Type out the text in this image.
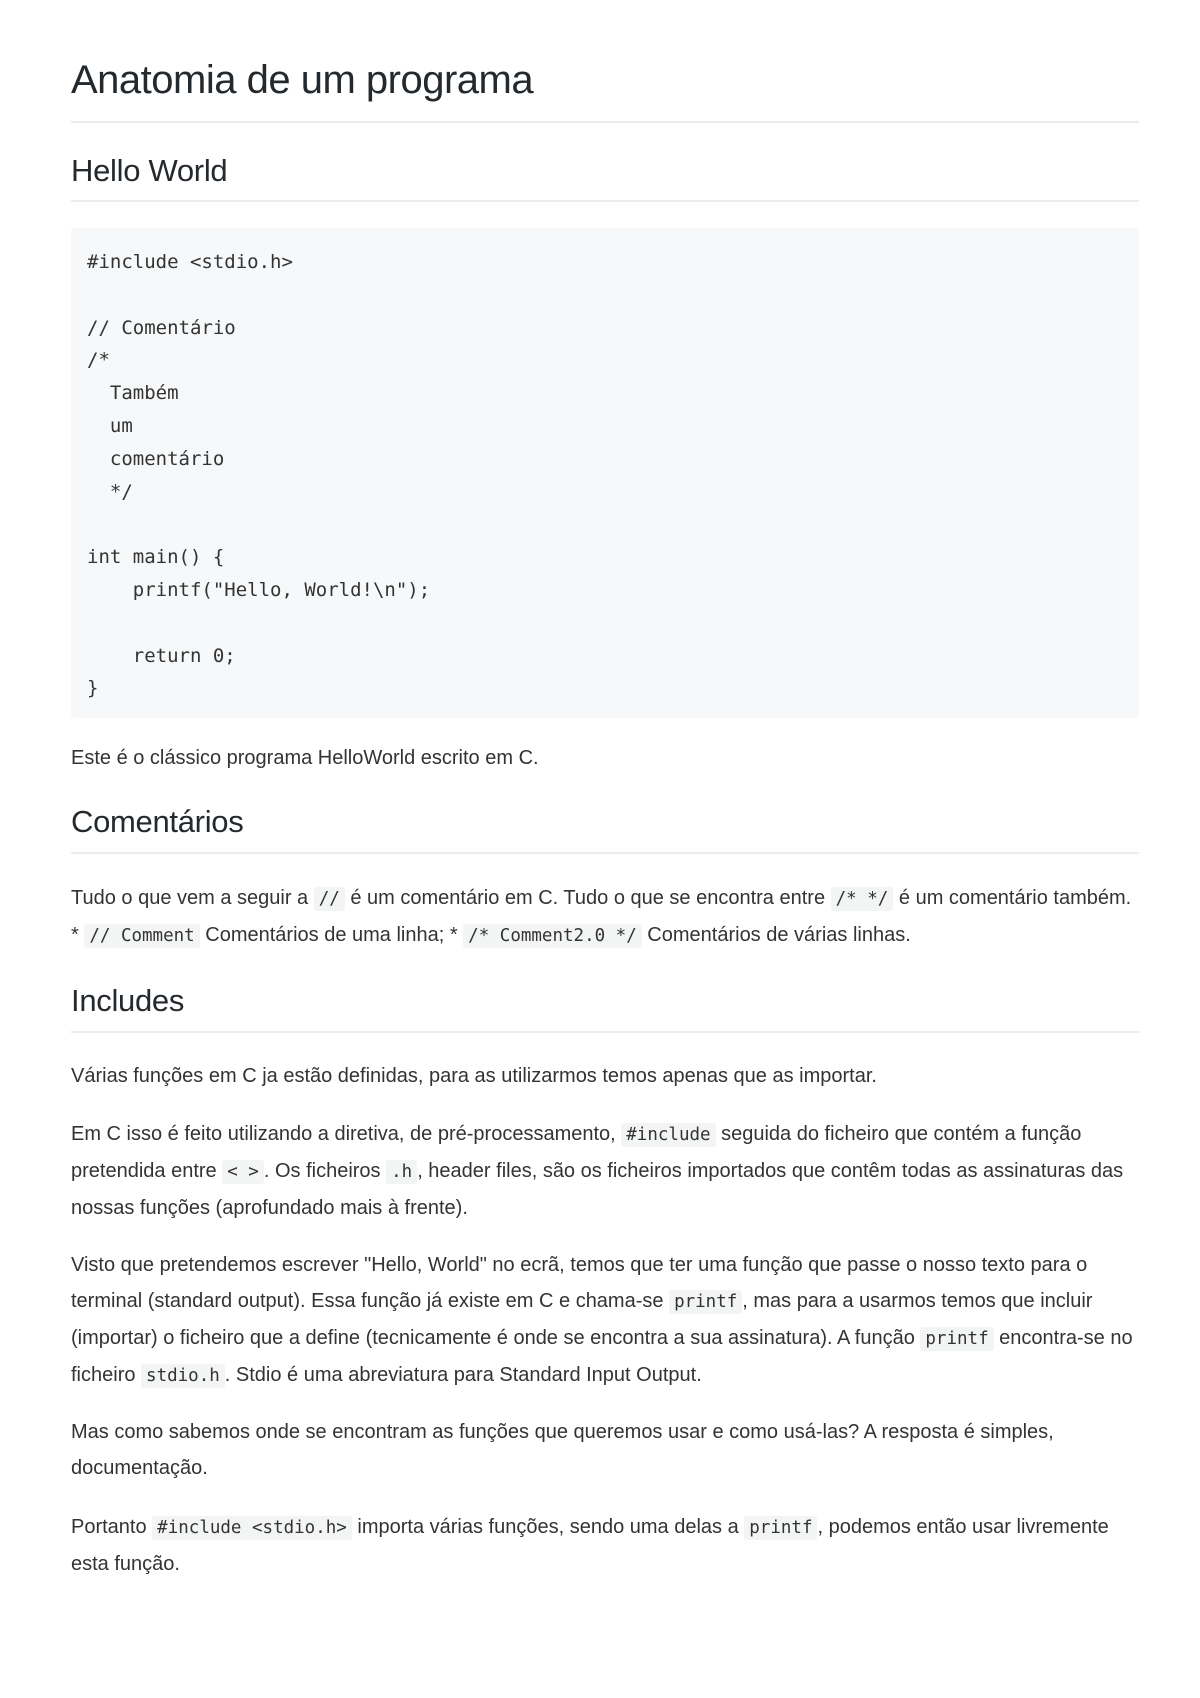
Anatomia de um programa
Hello World
#include <stdio.h>

// Comentário
/*
Também
um
comentário
*/

int main() {
printf("Hello, World!\n");

return 0;
}

Este é o clássico programa HelloWorld escrito em C.

Comentários

Tudo o que vem a seguir a // é um comentário em C. Tudo o que se encontra entre /* */ é um comentário também. * // Comment Comentários de uma linha; * /* Comment2.0 */ Comentários de várias linhas.

Includes

Várias funções em C ja estão definidas, para as utilizarmos temos apenas que as importar.

Em C isso é feito utilizando a diretiva, de pré-processamento, #include seguida do ficheiro que contém a função pretendida entre < > . Os ficheiros .h , header files, são os ficheiros importados que contêm todas as assinaturas das nossas funções (aprofundado mais à frente).

Visto que pretendemos escrever "Hello, World" no ecrã, temos que ter uma função que passe o nosso texto para o terminal (standard output). Essa função já existe em C e chama-se printf , mas para a usarmos temos que incluir (importar) o ficheiro que a define (tecnicamente é onde se encontra a sua assinatura). A função printf encontra-se no ficheiro stdio.h . Stdio é uma abreviatura para Standard Input Output.

Mas como sabemos onde se encontram as funções que queremos usar e como usá-las? A resposta é simples, documentação.

Portanto #include <stdio.h> importa várias funções, sendo uma delas a printf , podemos então usar livremente esta função.
